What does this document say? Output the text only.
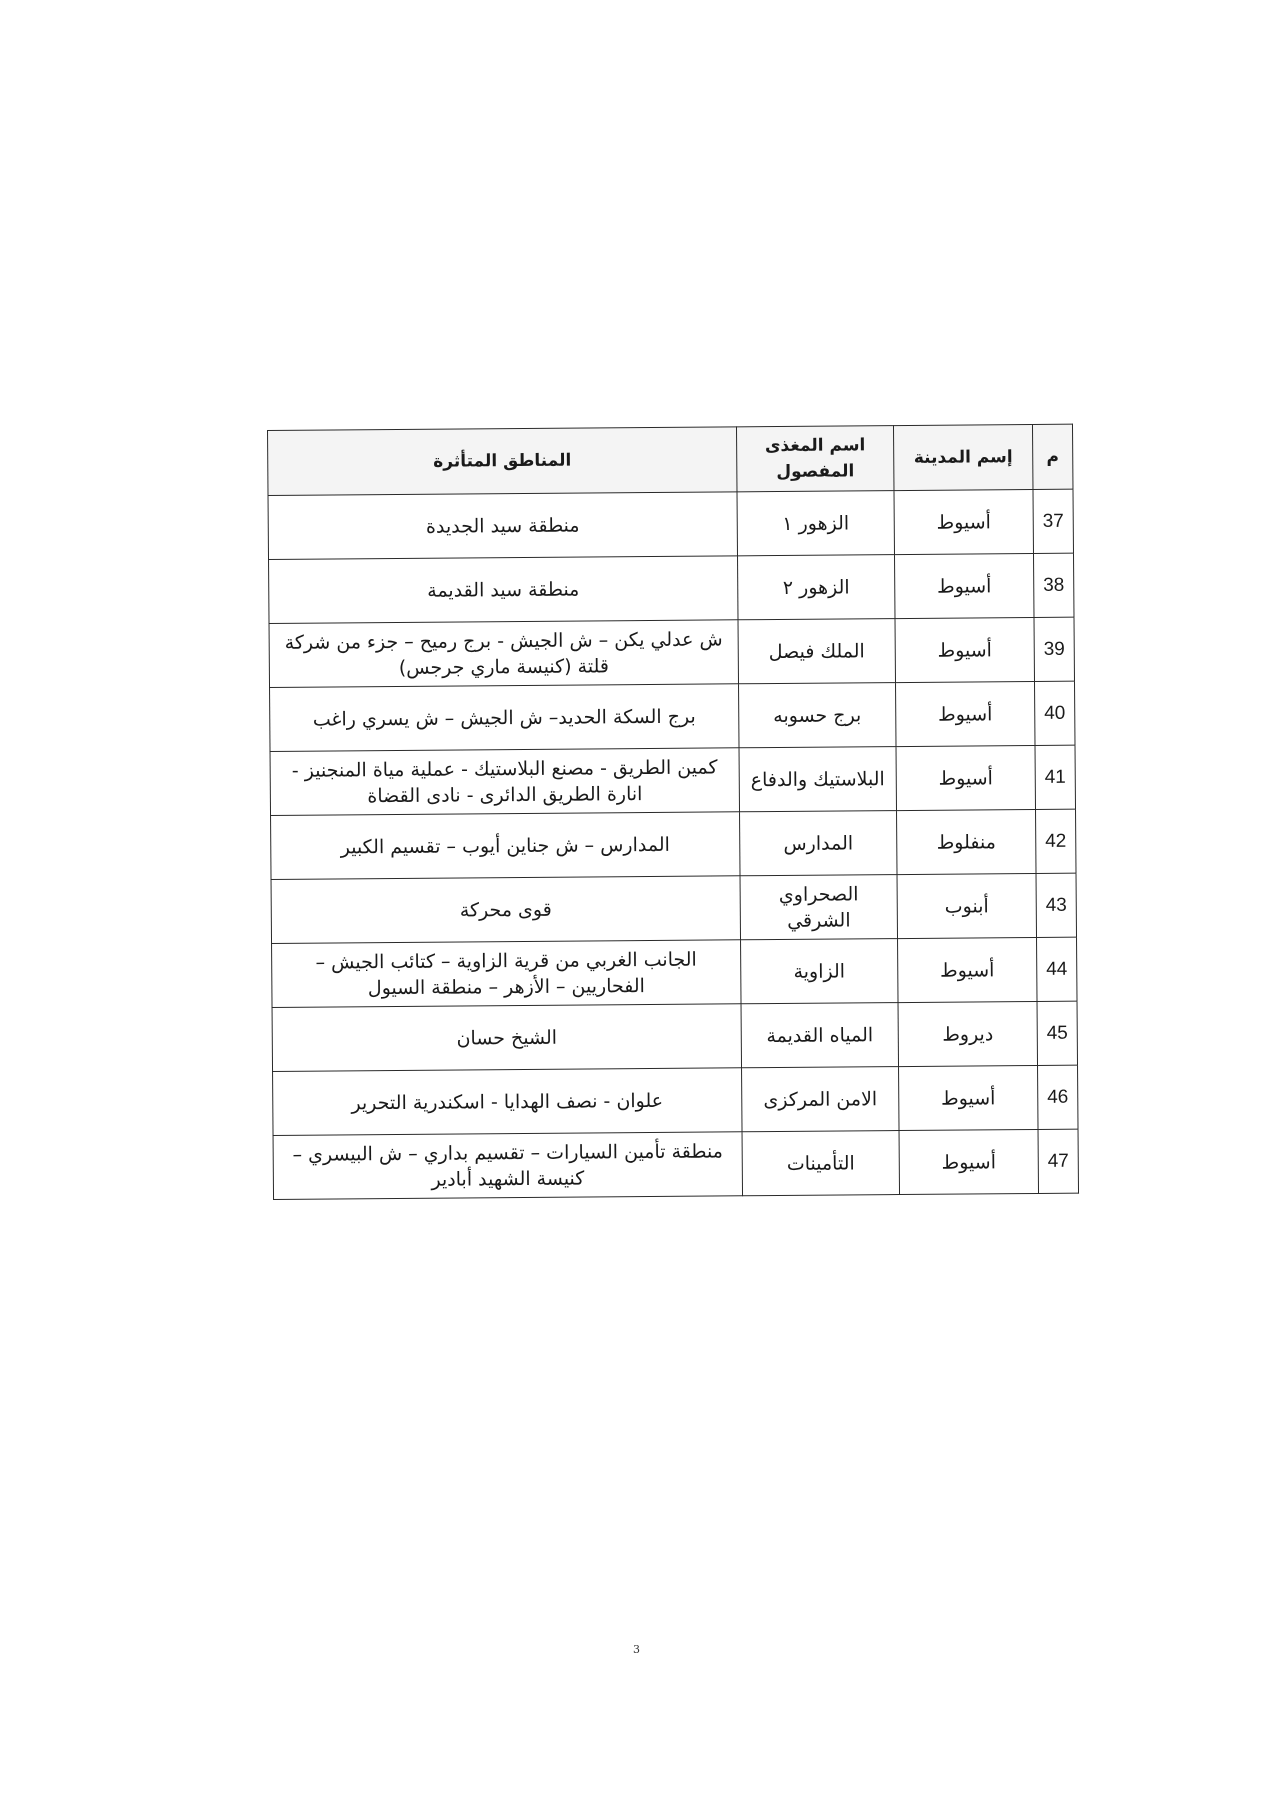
م	إسم المدينة	اسم المغذى المفصول	المناطق المتأثرة
37	أسيوط	الزهور ١	منطقة سيد الجديدة
38	أسيوط	الزهور ٢	منطقة سيد القديمة
39	أسيوط	الملك فيصل	ش عدلي يكن – ش الجيش - برج رميح – جزء من شركة قلتة (كنيسة ماري جرجس)
40	أسيوط	برج حسوبه	برج السكة الحديد– ش الجيش – ش يسري راغب
41	أسيوط	البلاستيك والدفاع	كمين الطريق - مصنع البلاستيك - عملية مياة المنجنيز - انارة الطريق الدائرى - نادى القضاة
42	منفلوط	المدارس	المدارس – ش جناين أيوب – تقسيم الكبير
43	أبنوب	الصحراوي الشرقي	قوى محركة
44	أسيوط	الزاوية	الجانب الغربي من قرية الزاوية – كتائب الجيش – الفحاريين – الأزهر – منطقة السيول
45	ديروط	المياه القديمة	الشيخ حسان
46	أسيوط	الامن المركزى	علوان - نصف الهدايا - اسكندرية التحرير
47	أسيوط	التأمينات	منطقة تأمين السيارات – تقسيم بداري – ش البيسري – كنيسة الشهيد أبادير
3
